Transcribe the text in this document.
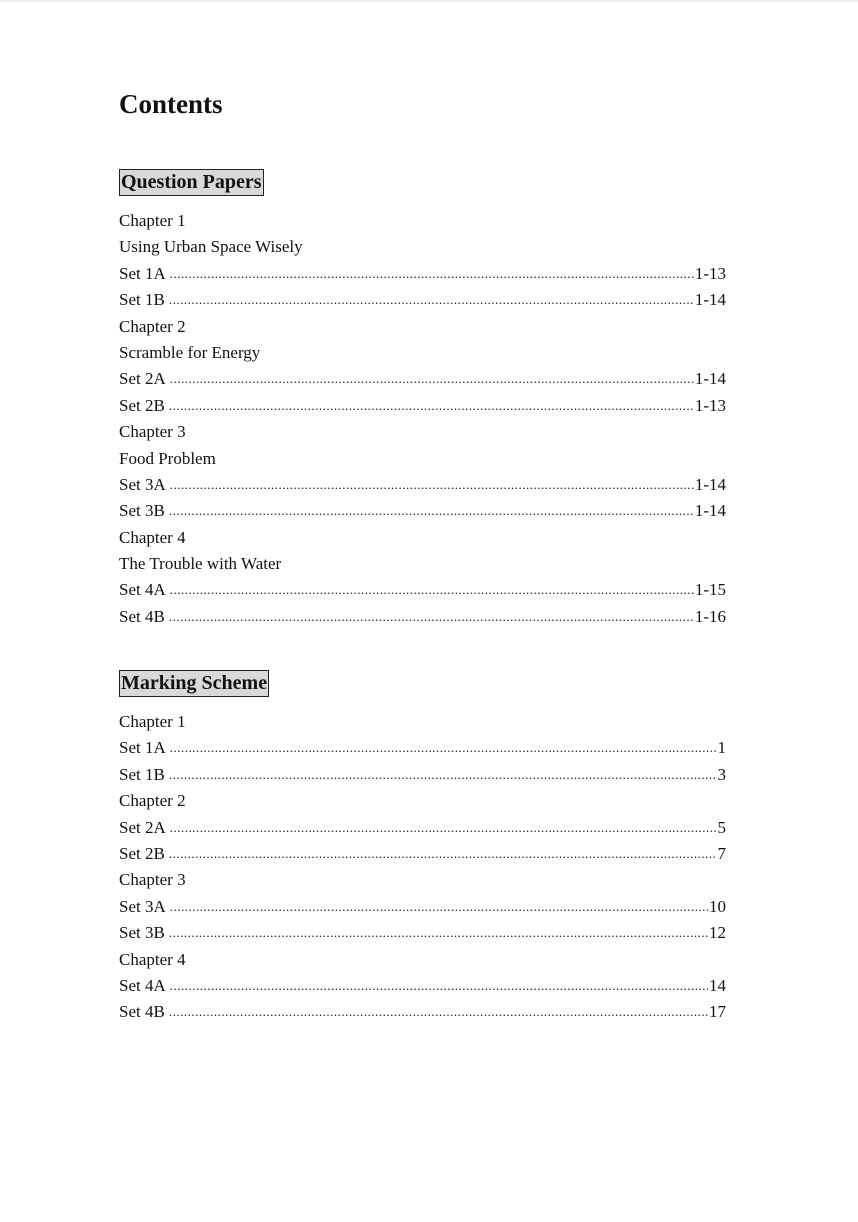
Contents
Question Papers
Chapter 1
Using Urban Space Wisely
Set 1A .....	1-13
Set 1B .....	1-14
Chapter 2
Scramble for Energy
Set 2A .....	1-14
Set 2B .....	1-13
Chapter 3
Food Problem
Set 3A .....	1-14
Set 3B .....	1-14
Chapter 4
The Trouble with Water
Set 4A .....	1-15
Set 4B .....	1-16
Marking Scheme
Chapter 1
Set 1A .....	1
Set 1B .....	3
Chapter 2
Set 2A .....	5
Set 2B .....	7
Chapter 3
Set 3A .....	10
Set 3B .....	12
Chapter 4
Set 4A .....	14
Set 4B .....	17
